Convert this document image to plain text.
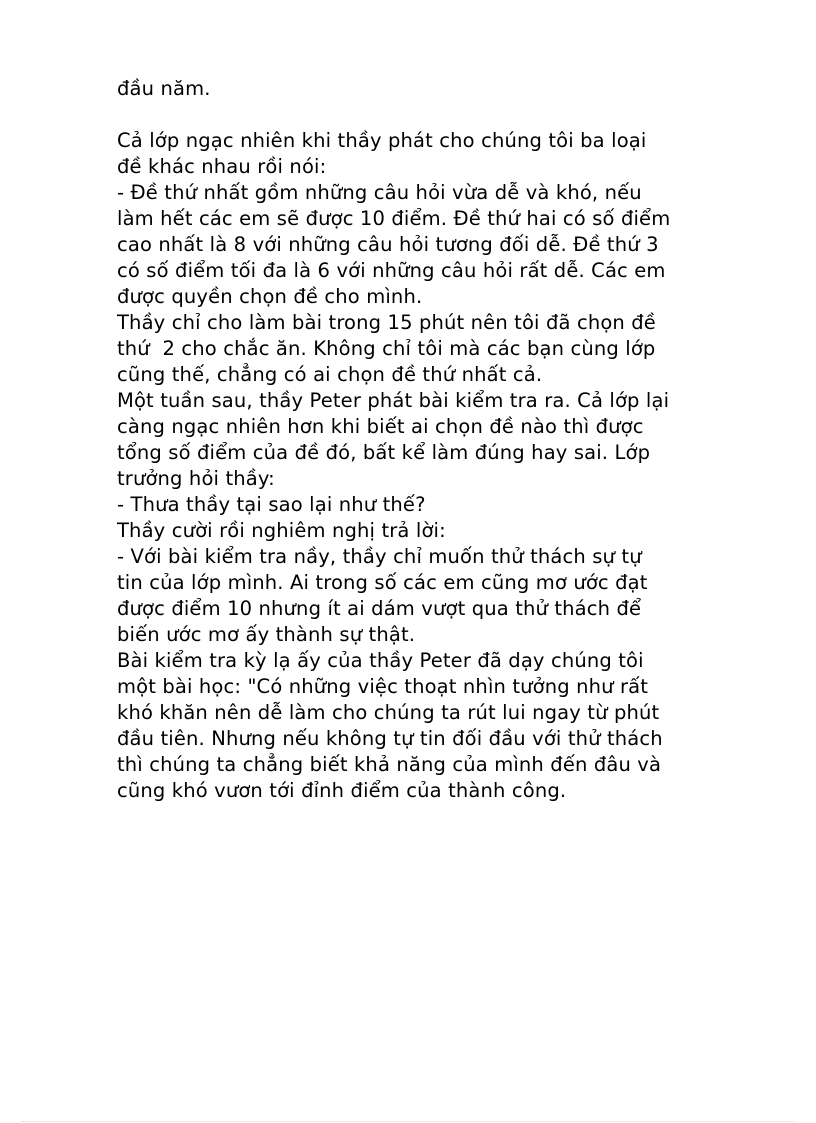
đầu năm.
Cả lớp ngạc nhiên khi thầy phát cho chúng tôi ba loại
đề khác nhau rồi nói:
- Đề thứ nhất gồm những câu hỏi vừa dễ và khó, nếu
làm hết các em sẽ được 10 điểm. Đề thứ hai có số điểm
cao nhất là 8 với những câu hỏi tương đối dễ. Đề thứ 3
có số điểm tối đa là 6 với những câu hỏi rất dễ. Các em
được quyền chọn đề cho mình.
Thầy chỉ cho làm bài trong 15 phút nên tôi đã chọn đề
thứ  2 cho chắc ăn. Không chỉ tôi mà các bạn cùng lớp
cũng thế, chẳng có ai chọn đề thứ nhất cả.
Một tuần sau, thầy Peter phát bài kiểm tra ra. Cả lớp lại
càng ngạc nhiên hơn khi biết ai chọn đề nào thì được
tổng số điểm của đề đó, bất kể làm đúng hay sai. Lớp
trưởng hỏi thầy:
- Thưa thầy tại sao lại như thế?
Thầy cười rồi nghiêm nghị trả lời:
- Với bài kiểm tra nầy, thầy chỉ muốn thử thách sự tự
tin của lớp mình. Ai trong số các em cũng mơ ước đạt
được điểm 10 nhưng ít ai dám vượt qua thử thách để
biến ước mơ ấy thành sự thật.
Bài kiểm tra kỳ lạ ấy của thầy Peter đã dạy chúng tôi
một bài học: "Có những việc thoạt nhìn tưởng như rất
khó khăn nên dễ làm cho chúng ta rút lui ngay từ phút
đầu tiên. Nhưng nếu không tự tin đối đầu với thử thách
thì chúng ta chẳng biết khả năng của mình đến đâu và
cũng khó vươn tới đỉnh điểm của thành công.
